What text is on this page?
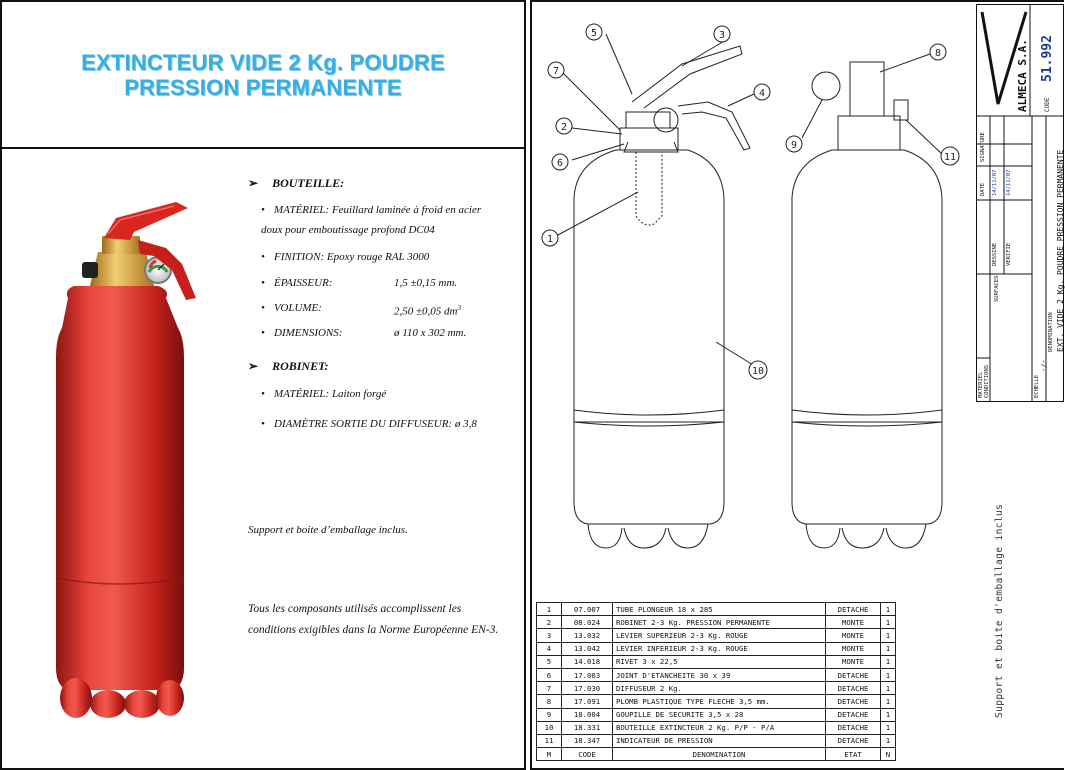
EXTINCTEUR VIDE 2 Kg. POUDRE
PRESSION PERMANENTE
➢ BOUTEILLE:
• MATÉRIEL: Feuillard laminée à froid en acier
doux pour emboutissage profond DC04
• FINITION: Epoxy rouge RAL 3000
• ÉPAISSEUR:	1,5 ±0,15 mm.
• VOLUME:	2,50 ±0,05 $dm^3$
• DIMENSIONS:	ø 110 x 302 mm.
➢ ROBINET:
• MATÉRIEL: Laiton forgé
• DIAMÈTRE SORTIE DU DIFFUSEUR: ø 3,8
Support et boite d’emballage inclus.
Tous les composants utilisés accomplissent les
conditions exigibles dans la Norme Européenne EN-3.
1
2
3
4
5
6
7
8
9
11
10
1	07.007	TUBE PLONGEUR 18 x 285	DETACHE	1
2	08.024	ROBINET 2-3 Kg. PRESSION PERMANENTE	MONTE	1
3	13.032	LEVIER SUPERIEUR 2-3 Kg. ROUGE	MONTE	1
4	13.042	LEVIER INFERIEUR 2-3 Kg. ROUGE	MONTE	1
5	14.018	RIVET 3 x 22,5	MONTE	1
6	17.003	JOINT D'ETANCHEITE 30 x 39	DETACHE	1
7	17.030	DIFFUSEUR 2 Kg.	DETACHE	1
8	17.091	PLOMB PLASTIQUE TYPE FLECHE 3,5 mm.	DETACHE	1
9	18.004	GOUPILLE DE SECURITE 3,5 x 28	DETACHE	1
10	18.331	BOUTEILLE EXTINCTEUR 2 Kg. P/P - P/A	DETACHE	1
11	18.347	INDICATEUR DE PRESSION	DETACHE	1
M	CODE	DENOMINATION	ETAT	N
Support et boite d'emballage inclus
ALMECA S.A.	CODE
51.992
MATERIEL CONDITIONS
SURFACES
DESSINE VERIFIE
DATE 14/11/07 14/11/07
SIGNATURE
ECHELLE
-/-
DENOMINATION EXT. VIDE 2 Kg. POUDRE PRESSION PERMANENTE
